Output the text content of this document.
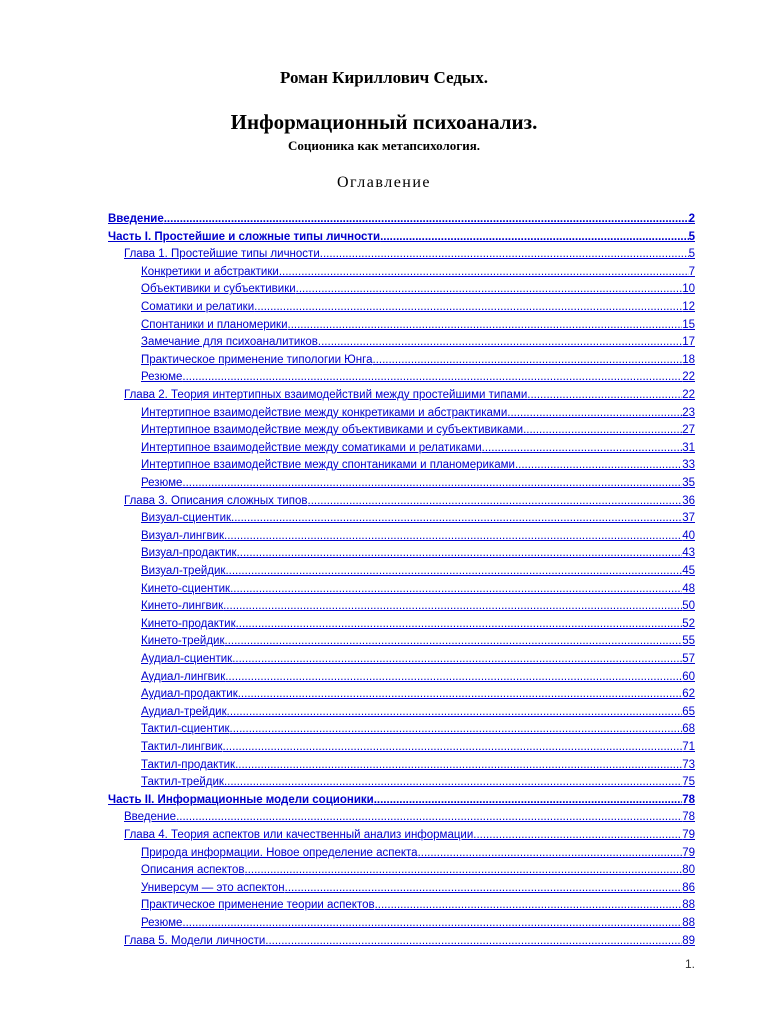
Роман Кириллович Седых.
Информационный психоанализ.
Соционика как метапсихология.
Оглавление
Введение .....	2
Часть I. Простейшие и сложные типы личности .....	5
Глава 1. Простейшие типы личности .....	5
Конкретики и абстрактики .....	7
Объективики и субъективики .....	10
Соматики и релатики .....	12
Спонтаники и планомерики .....	15
Замечание для психоаналитиков .....	17
Практическое применение типологии Юнга .....	18
Резюме .....	22
Глава 2. Теория интертипных взаимодействий между простейшими типами .....	22
Интертипное взаимодействие между конкретиками и абстрактиками .....	23
Интертипное взаимодействие между объективиками и субъективиками .....	27
Интертипное взаимодействие между соматиками и релатиками .....	31
Интертипное взаимодействие между спонтаниками и планомериками .....	33
Резюме .....	35
Глава 3. Описания сложных типов .....	36
Визуал-сциентик .....	37
Визуал-лингвик .....	40
Визуал-продактик .....	43
Визуал-трейдик .....	45
Кинето-сциентик .....	48
Кинето-лингвик .....	50
Кинето-продактик .....	52
Кинето-трейдик .....	55
Аудиал-сциентик .....	57
Аудиал-лингвик .....	60
Аудиал-продактик .....	62
Аудиал-трейдик .....	65
Тактил-сциентик .....	68
Тактил-лингвик .....	71
Тактил-продактик .....	73
Тактил-трейдик .....	75
Часть II. Информационные модели соционики .....	78
Введение .....	78
Глава 4. Теория аспектов или качественный анализ информации .....	79
Природа информации. Новое определение аспекта .....	79
Описания аспектов .....	80
Универсум — это аспектон .....	86
Практическое применение теории аспектов .....	88
Резюме .....	88
Глава 5. Модели личности .....	89
1.
